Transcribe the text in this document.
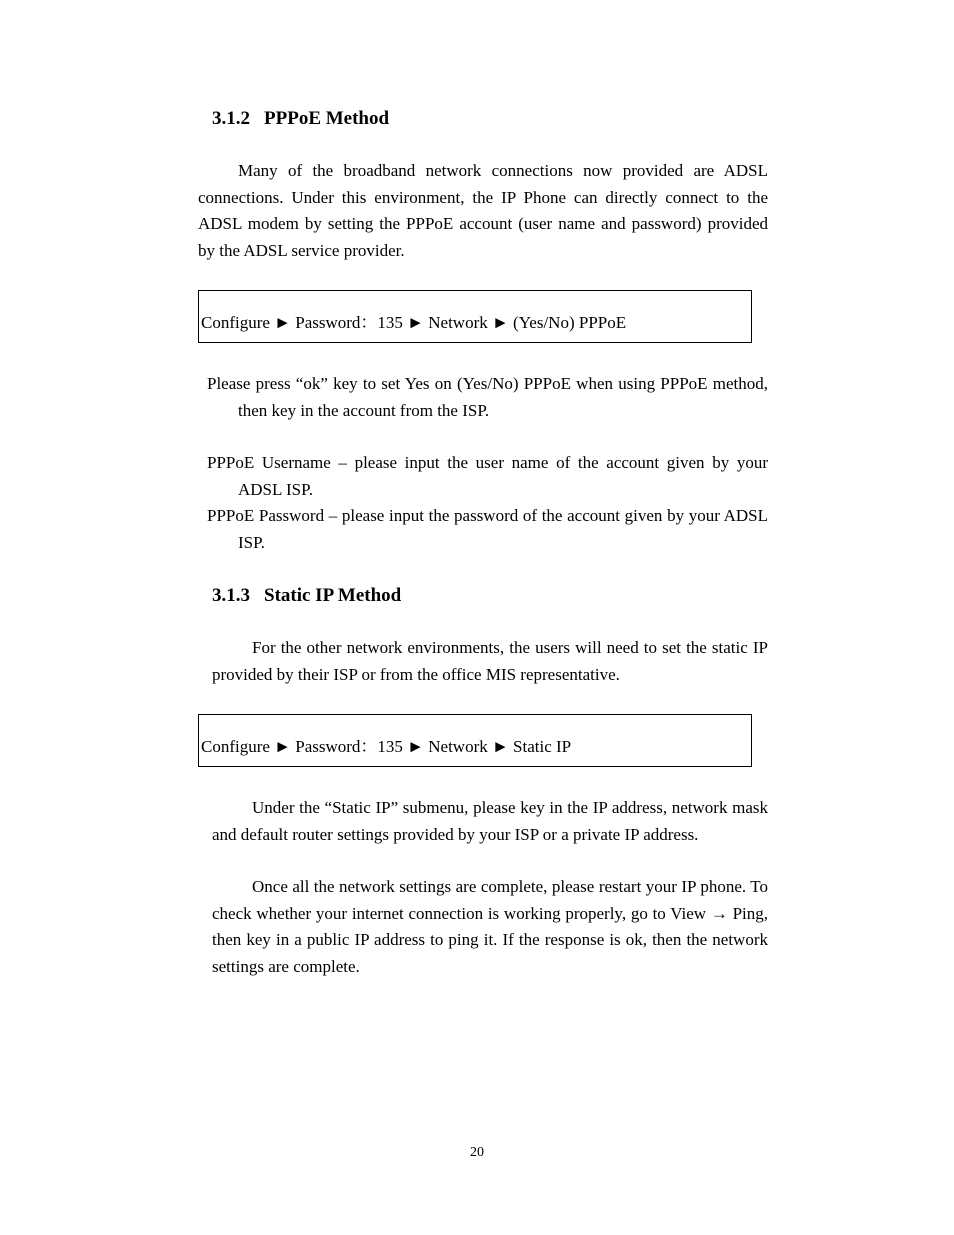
3.1.2 PPPoE Method
Many of the broadband network connections now provided are ADSL connections. Under this environment, the IP Phone can directly connect to the ADSL modem by setting the PPPoE account (user name and password) provided by the ADSL service provider.
Configure ► Password：135 ► Network ► (Yes/No) PPPoE
Please press “ok” key to set Yes on (Yes/No) PPPoE when using PPPoE method, then key in the account from the ISP.
PPPoE Username – please input the user name of the account given by your ADSL ISP.
PPPoE Password – please input the password of the account given by your ADSL ISP.
3.1.3 Static IP Method
For the other network environments, the users will need to set the static IP provided by their ISP or from the office MIS representative.
Configure ► Password：135 ► Network ► Static IP
Under the “Static IP” submenu, please key in the IP address, network mask and default router settings provided by your ISP or a private IP address.
Once all the network settings are complete, please restart your IP phone. To check whether your internet connection is working properly, go to View → Ping, then key in a public IP address to ping it. If the response is ok, then the network settings are complete.
20
